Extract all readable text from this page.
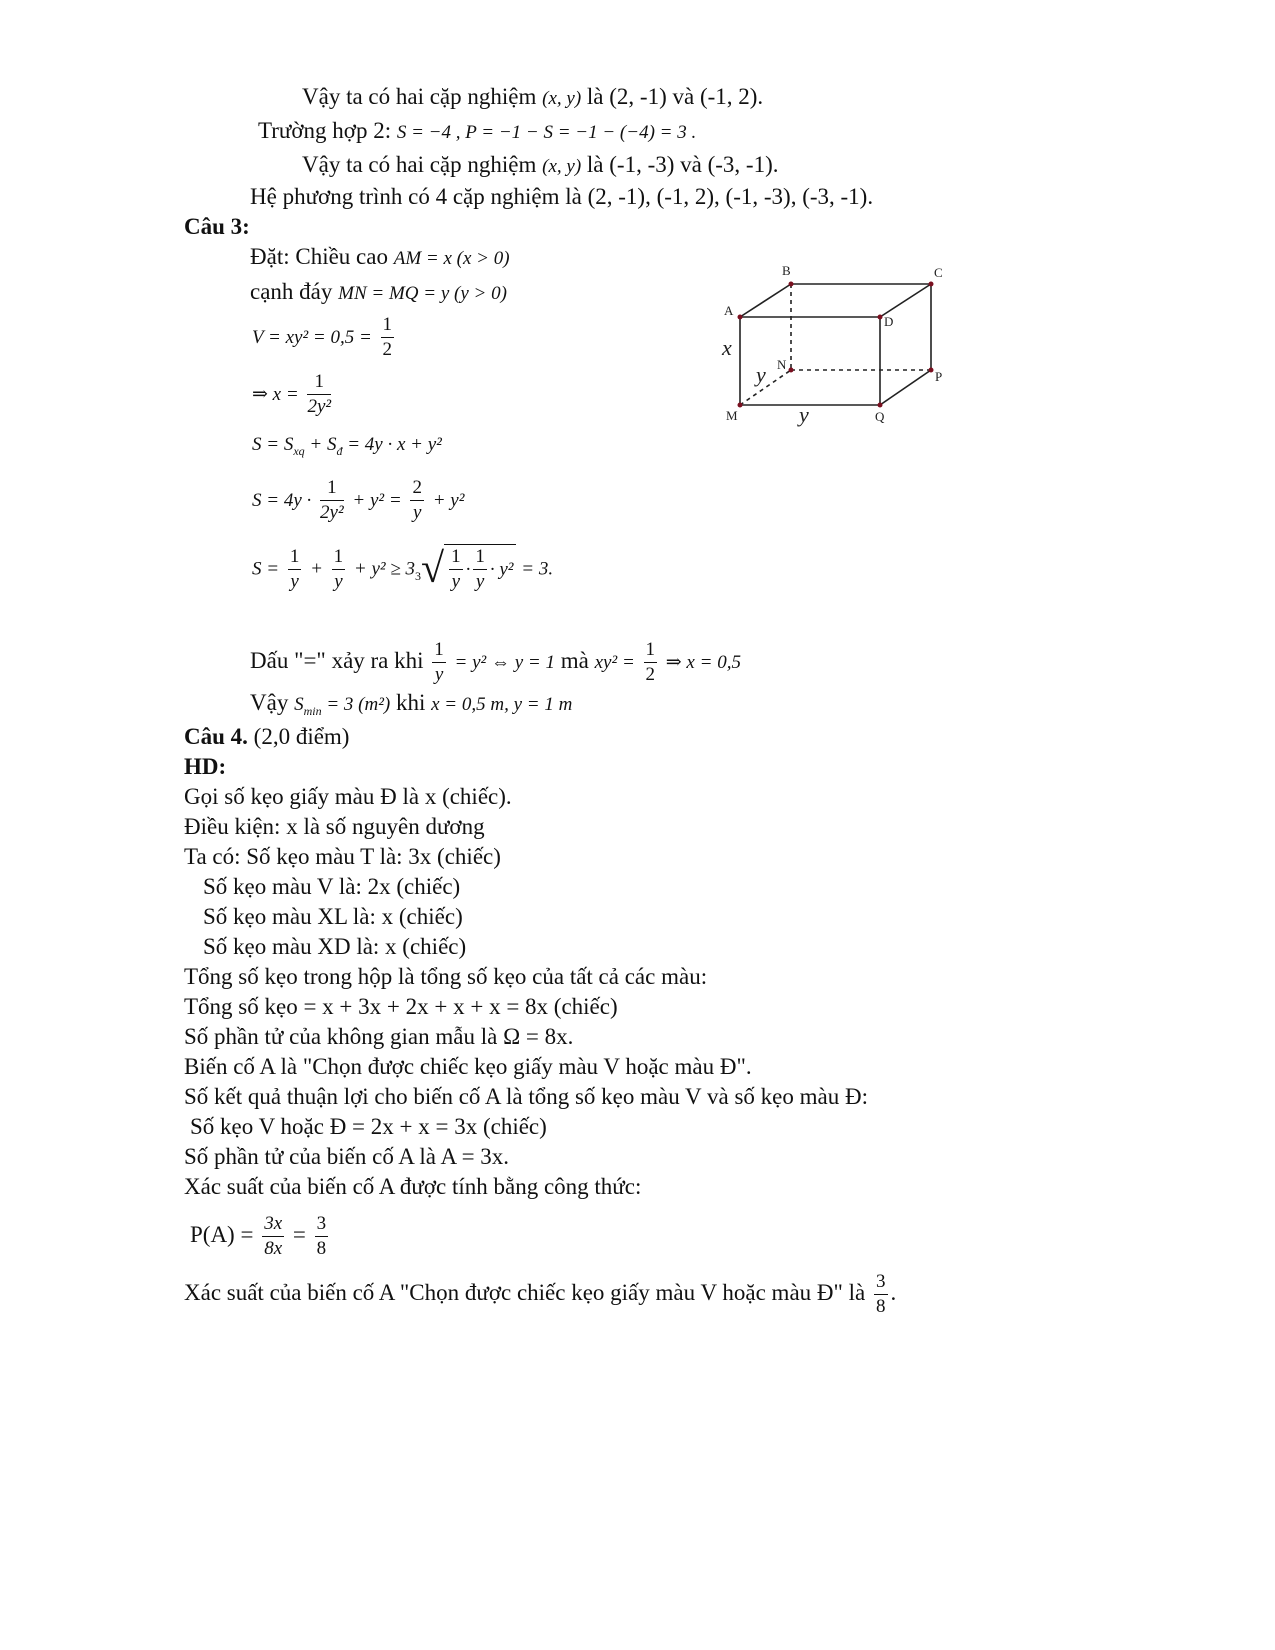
Vậy ta có hai cặp nghiệm (x, y) là (2, -1) và (-1, 2).
Trường hợp 2: S = −4 , P = −1 − S = −1 − (−4) = 3 .
Vậy ta có hai cặp nghiệm (x, y) là (-1, -3) và (-3, -1).
Hệ phương trình có 4 cặp nghiệm là (2, -1), (-1, 2), (-1, -3), (-3, -1).
Câu 3:
Đặt: Chiều cao AM = x (x > 0)
cạnh đáy MN = MQ = y (y > 0)
$V = xy^2 = 0,5 = \frac{1}{2}$
⇒ $x = \frac{1}{\text{2y²}}$
$S = S_{xq} + S_đ = 4y \cdot x + y^2$
$S = 4y \cdot \frac{1}{\text{2y²}} + y^2 = \frac{2}{y} + y^2$
$S = \frac{1}{y} + \frac{1}{y} + y^2 \ge 3_3√ \frac{1}{y} \cdot \frac{1}{y} \cdot y^2 = 3$.
Dấu "=" xảy ra khi $\frac{1}{y} = y^2$ ⇔ y = 1 mà $xy^2 = \frac{1}{2}$ ⇒ x = 0,5
Vậy $S_{min} = 3$ (m²) khi x = 0,5 m, y = 1 m
A
B	C
D
M
N
P
Q
x
y
y
Câu 4. (2,0 điểm)
HD:
Gọi số kẹo giấy màu Đ là x (chiếc).
Điều kiện: x là số nguyên dương
Ta có: Số kẹo màu T là: 3x (chiếc)
Số kẹo màu V là: 2x (chiếc)
Số kẹo màu XL là: x (chiếc)
Số kẹo màu XD là: x (chiếc)
Tổng số kẹo trong hộp là tổng số kẹo của tất cả các màu:
Tổng số kẹo = x + 3x + 2x + x + x = 8x (chiếc)
Số phần tử của không gian mẫu là Ω = 8x.
Biến cố A là "Chọn được chiếc kẹo giấy màu V hoặc màu Đ".
Số kết quả thuận lợi cho biến cố A là tổng số kẹo màu V và số kẹo màu Đ:
Số kẹo V hoặc Đ = 2x + x = 3x (chiếc)
Số phần tử của biến cố A là A = 3x.
Xác suất của biến cố A được tính bằng công thức:
$P(A) = \frac{3x}{8x} = \frac{3}{8}$
Xác suất của biến cố A "Chọn được chiếc kẹo giấy màu V hoặc màu Đ" là $\frac{3}{8}$ .
